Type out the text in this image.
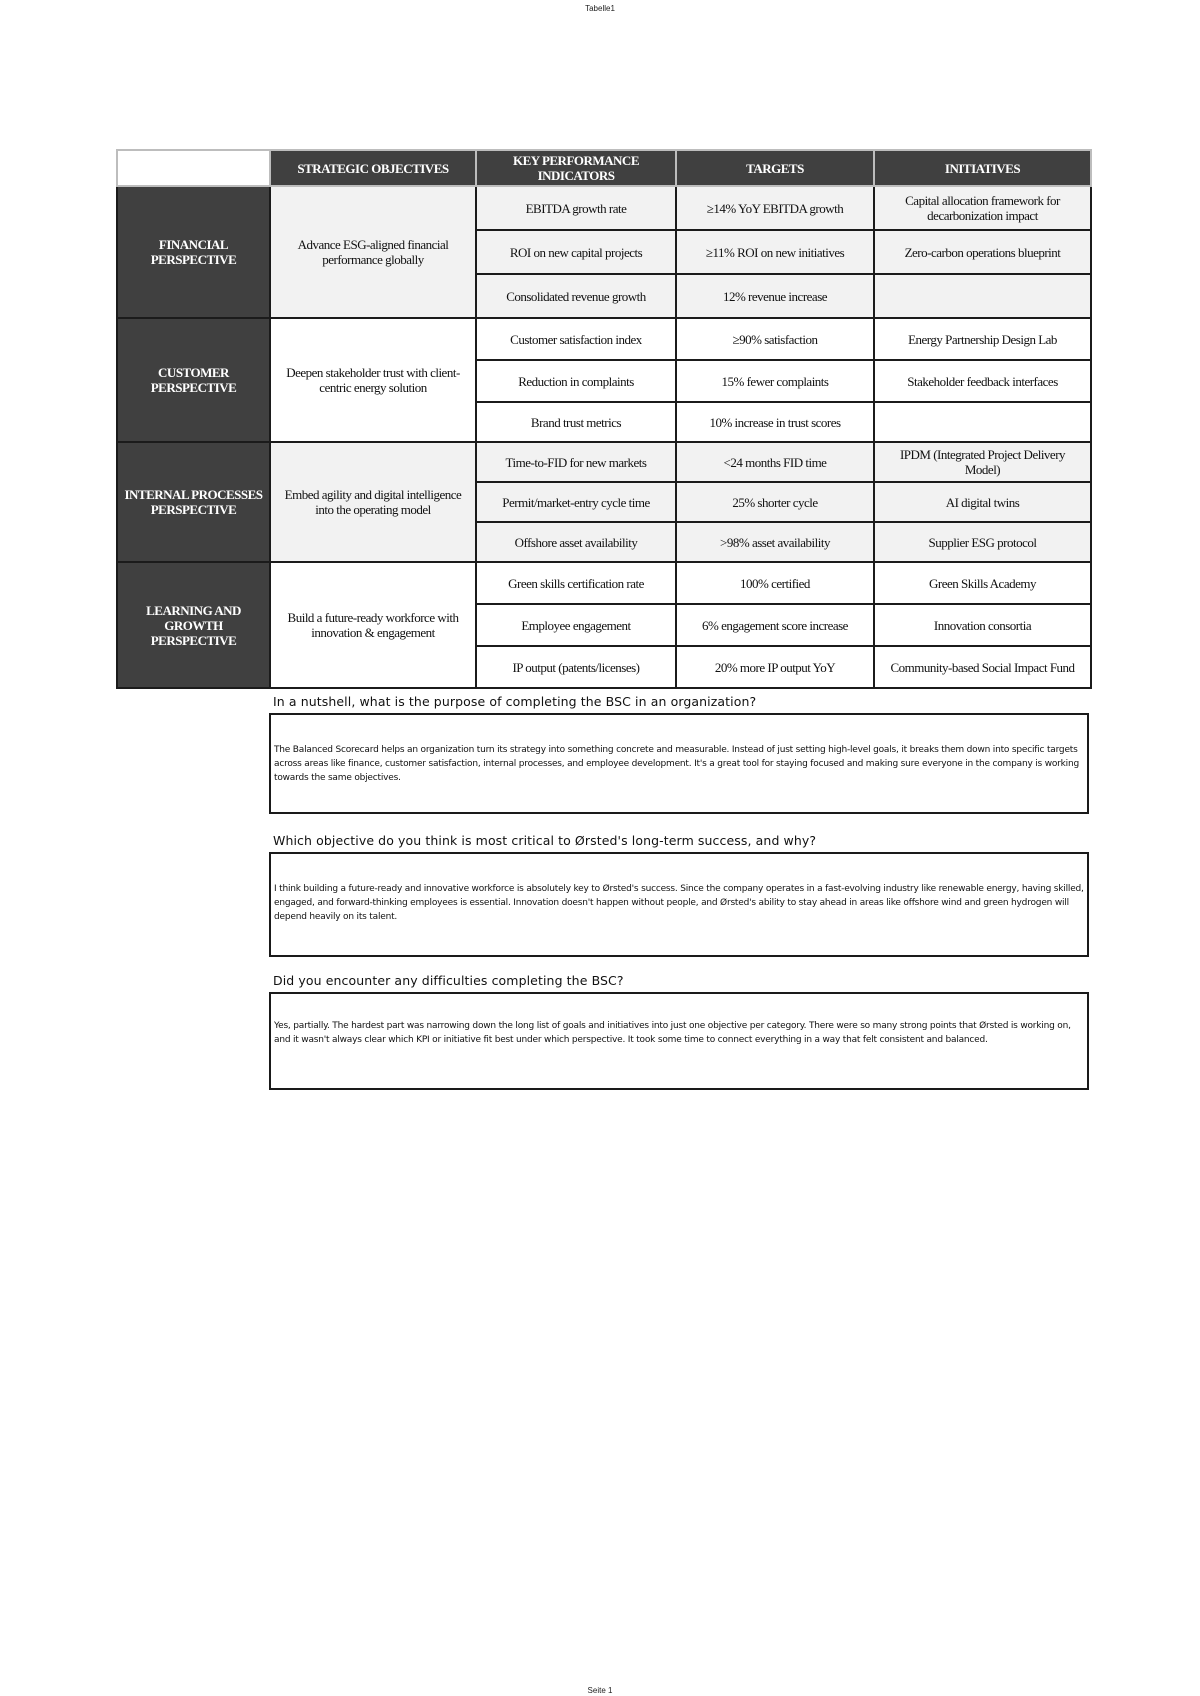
Tabelle1
	STRATEGIC OBJECTIVES	KEY PERFORMANCE INDICATORS	TARGETS	INITIATIVES
FINANCIAL PERSPECTIVE	Advance ESG-aligned financial performance globally	EBITDA growth rate	≥14% YoY EBITDA growth	Capital allocation framework for decarbonization impact
		ROI on new capital projects	≥11% ROI on new initiatives	Zero-carbon operations blueprint
		Consolidated revenue growth	12% revenue increase	
CUSTOMER PERSPECTIVE	Deepen stakeholder trust with client-centric energy solution	Customer satisfaction index	≥90% satisfaction	Energy Partnership Design Lab
		Reduction in complaints	15% fewer complaints	Stakeholder feedback interfaces
		Brand trust metrics	10% increase in trust scores	
INTERNAL PROCESSES PERSPECTIVE	Embed agility and digital intelligence into the operating model	Time-to-FID for new markets	<24 months FID time	IPDM (Integrated Project Delivery Model)
		Permit/market-entry cycle time	25% shorter cycle	AI digital twins
		Offshore asset availability	>98% asset availability	Supplier ESG protocol
LEARNING AND GROWTH PERSPECTIVE	Build a future-ready workforce with innovation & engagement	Green skills certification rate	100% certified	Green Skills Academy
		Employee engagement	6% engagement score increase	Innovation consortia
		IP output (patents/licenses)	20% more IP output YoY	Community-based Social Impact Fund
In a nutshell, what is the purpose of completing the BSC in an organization?
The Balanced Scorecard helps an organization turn its strategy into something concrete and measurable. Instead of just setting high-level goals, it breaks them down into specific targets across areas like finance, customer satisfaction, internal processes, and employee development. It's a great tool for staying focused and making sure everyone in the company is working towards the same objectives.
Which objective do you think is most critical to Ørsted's long-term success, and why?
I think building a future-ready and innovative workforce is absolutely key to Ørsted's success. Since the company operates in a fast-evolving industry like renewable energy, having skilled, engaged, and forward-thinking employees is essential. Innovation doesn't happen without people, and Ørsted's ability to stay ahead in areas like offshore wind and green hydrogen will depend heavily on its talent.
Did you encounter any difficulties completing the BSC?
Yes, partially. The hardest part was narrowing down the long list of goals and initiatives into just one objective per category. There were so many strong points that Ørsted is working on, and it wasn't always clear which KPI or initiative fit best under which perspective. It took some time to connect everything in a way that felt consistent and balanced.
Seite 1
